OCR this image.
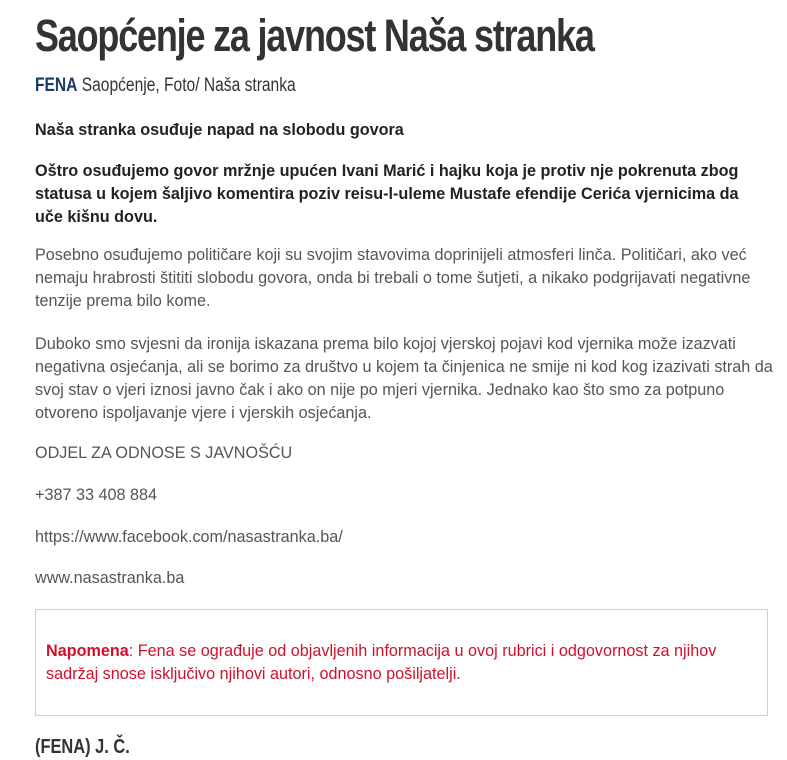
Saopćenje za javnost Naša stranka
FENA Saopćenje, Foto/ Naša stranka
Naša stranka osuđuje napad na slobodu govora
Oštro osuđujemo govor mržnje upućen Ivani Marić i hajku koja je protiv nje pokrenuta zbog statusa u kojem šaljivo komentira poziv reisu-l-uleme Mustafe efendije Cerića vjernicima da uče kišnu dovu.
Posebno osuđujemo političare koji su svojim stavovima doprinijeli atmosferi linča. Političari, ako već nemaju hrabrosti štititi slobodu govora, onda bi trebali o tome šutjeti, a nikako podgrijavati negativne tenzije prema bilo kome.
Duboko smo svjesni da ironija iskazana prema bilo kojoj vjerskoj pojavi kod vjernika može izazvati negativna osjećanja, ali se borimo za društvo u kojem ta činjenica ne smije ni kod kog izazivati strah da svoj stav o vjeri iznosi javno čak i ako on nije po mjeri vjernika. Jednako kao što smo za potpuno otvoreno ispoljavanje vjere i vjerskih osjećanja.
ODJEL ZA ODNOSE S JAVNOŠĆU
+387 33 408 884
https://www.facebook.com/nasastranka.ba/
www.nasastranka.ba
Napomena: Fena se ograđuje od objavljenih informacija u ovoj rubrici i odgovornost za njihov sadržaj snose isključivo njihovi autori, odnosno pošiljatelji.
(FENA) J. Č.
